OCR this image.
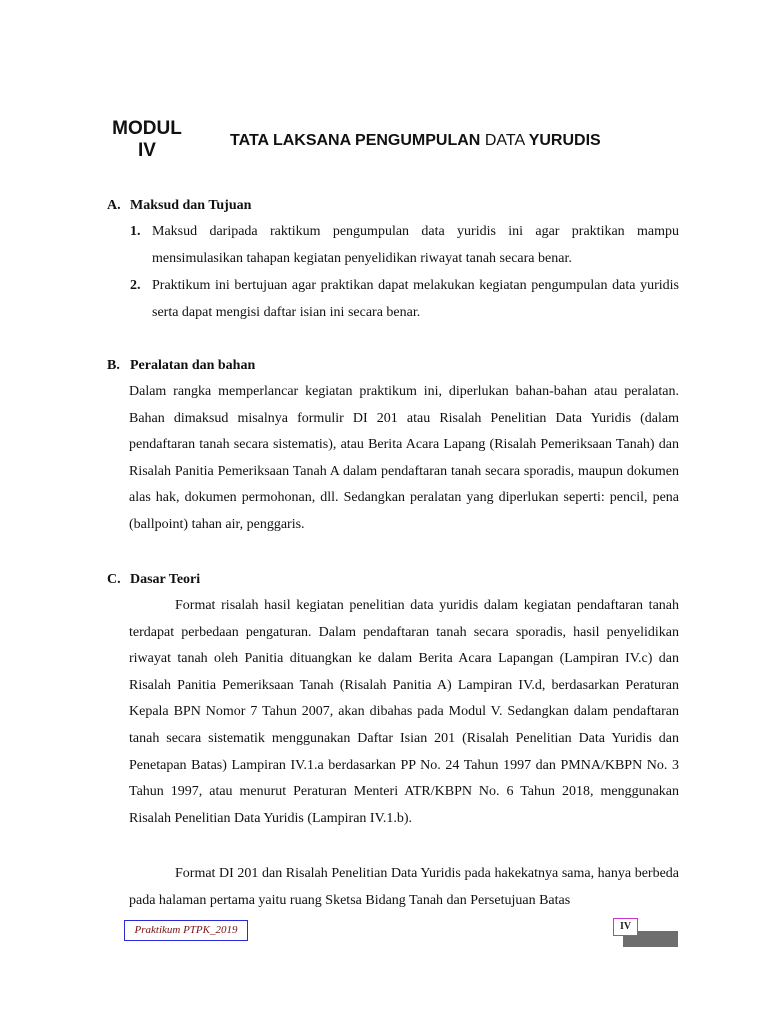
MODUL
IV	TATA LAKSANA PENGUMPULAN DATA YURUDIS
A. Maksud dan Tujuan
1. Maksud daripada raktikum pengumpulan data yuridis ini agar praktikan mampu mensimulasikan tahapan kegiatan penyelidikan riwayat tanah secara benar.
2. Praktikum ini bertujuan agar praktikan dapat melakukan kegiatan pengumpulan data yuridis serta dapat mengisi daftar isian ini secara benar.
B. Peralatan dan bahan
Dalam rangka memperlancar kegiatan praktikum ini, diperlukan bahan-bahan atau peralatan. Bahan dimaksud misalnya formulir DI 201 atau Risalah Penelitian Data Yuridis (dalam pendaftaran tanah secara sistematis), atau Berita Acara Lapang (Risalah Pemeriksaan Tanah) dan Risalah Panitia Pemeriksaan Tanah A dalam pendaftaran tanah secara sporadis, maupun dokumen alas hak, dokumen permohonan, dll. Sedangkan peralatan yang diperlukan seperti: pencil, pena (ballpoint) tahan air, penggaris.
C. Dasar Teori
Format risalah hasil kegiatan penelitian data yuridis dalam kegiatan pendaftaran tanah terdapat perbedaan pengaturan. Dalam pendaftaran tanah secara sporadis, hasil penyelidikan riwayat tanah oleh Panitia dituangkan ke dalam Berita Acara Lapangan (Lampiran IV.c) dan Risalah Panitia Pemeriksaan Tanah (Risalah Panitia A) Lampiran IV.d, berdasarkan Peraturan Kepala BPN Nomor 7 Tahun 2007, akan dibahas pada Modul V. Sedangkan dalam pendaftaran tanah secara sistematik menggunakan Daftar Isian 201 (Risalah Penelitian Data Yuridis dan Penetapan Batas) Lampiran IV.1.a berdasarkan PP No. 24 Tahun 1997 dan PMNA/KBPN No. 3 Tahun 1997, atau menurut Peraturan Menteri ATR/KBPN No. 6 Tahun 2018, menggunakan Risalah Penelitian Data Yuridis (Lampiran IV.1.b).
Format DI 201 dan Risalah Penelitian Data Yuridis pada hakekatnya sama, hanya berbeda pada halaman pertama yaitu ruang Sketsa Bidang Tanah dan Persetujuan Batas
Praktikum PTPK_2019	IV
